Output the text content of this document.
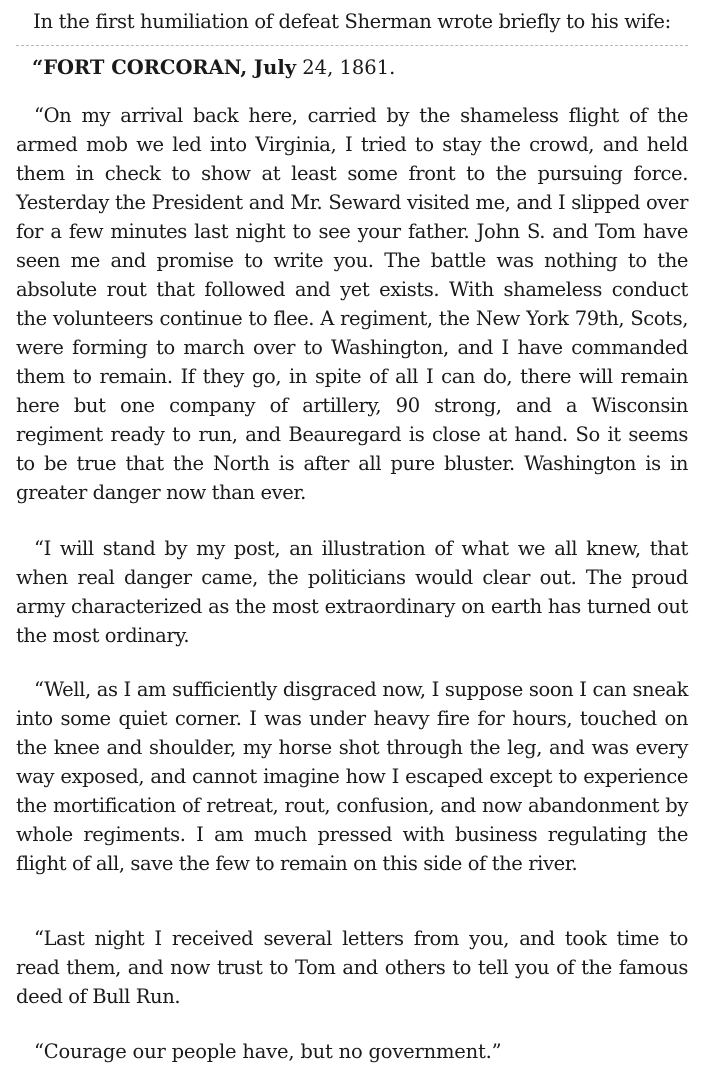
In the first humiliation of defeat Sherman wrote briefly to his wife:
“FORT CORCORAN, July 24, 1861.

“On my arrival back here, carried by the shameless flight of the armed mob we led into Virginia, I tried to stay the crowd, and held them in check to show at least some front to the pursuing force. Yesterday the President and Mr. Seward visited me, and I slipped over for a few minutes last night to see your father. John S. and Tom have seen me and promise to write you. The battle was nothing to the absolute rout that followed and yet exists. With shameless conduct the volunteers continue to flee. A regiment, the New York 79th, Scots, were forming to march over to Washington, and I have commanded them to remain. If they go, in spite of all I can do, there will remain here but one company of artillery, 90 strong, and a Wisconsin regiment ready to run, and Beauregard is close at hand. So it seems to be true that the North is after all pure bluster. Washington is in greater danger now than ever.

“I will stand by my post, an illustration of what we all knew, that when real danger came, the politicians would clear out. The proud army characterized as the most extraordinary on earth has turned out the most ordinary.

“Well, as I am sufficiently disgraced now, I suppose soon I can sneak into some quiet corner. I was under heavy fire for hours, touched on the knee and shoulder, my horse shot through the leg, and was every way exposed, and cannot imagine how I escaped except to experience the mortification of retreat, rout, confusion, and now abandonment by whole regiments. I am much pressed with business regulating the flight of all, save the few to remain on this side of the river.

“Last night I received several letters from you, and took time to read them, and now trust to Tom and others to tell you of the famous deed of Bull Run.

“Courage our people have, but no government.”
